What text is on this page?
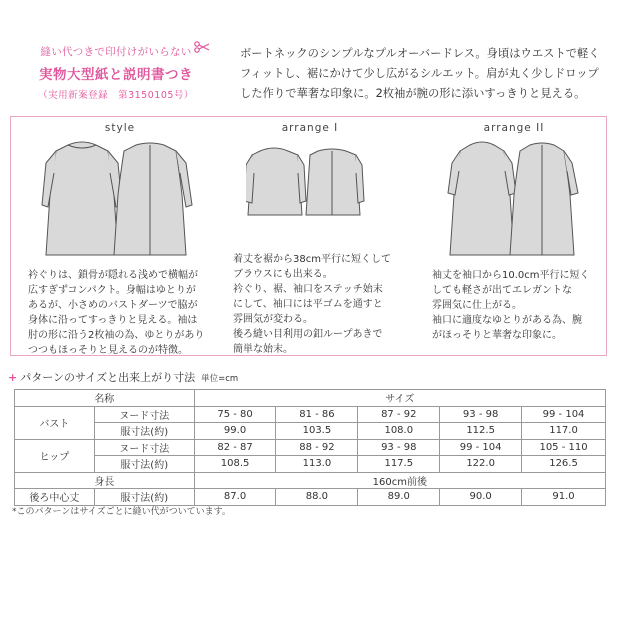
縫い代つきで印付けがいらない
実物大型紙と説明書つき
（実用新案登録　第3150105号）
ボートネックのシンプルなプルオーバードレス。身頃はウエストで軽く
フィットし、裾にかけて少し広がるシルエット。肩が丸く少しドロップ
した作りで華奢な印象に。2枚袖が腕の形に添いすっきりと見える。
style	arrange I	arrange II
衿ぐりは、鎖骨が隠れる浅めで横幅が
広すぎずコンパクト。身幅はゆとりが
あるが、小さめのバストダーツで脇が
身体に沿ってすっきりと見える。袖は
肘の形に沿う2枚袖の為、ゆとりがあり
つつもほっそりと見えるのが特徴。
着丈を裾から38cm平行に短くして
ブラウスにも出来る。
衿ぐり、裾、袖口をステッチ始末
にして、袖口には平ゴムを通すと
雰囲気が変わる。
後ろ縫い目利用の釦ループあきで
簡単な始末。
袖丈を袖口から10.0cm平行に短く
しても軽さが出てエレガントな
雰囲気に仕上がる。
袖口に適度なゆとりがある為、腕
がほっそりと華奢な印象に。
+ パターンのサイズと出来上がり寸法 単位=cm
名称		サイズ				
バスト	ヌード寸法	75 - 80	81 - 86	87 - 92	93 - 98	99 - 104
	服寸法(約)	99.0	103.5	108.0	112.5	117.0
ヒップ	ヌード寸法	82 - 87	88 - 92	93 - 98	99 - 104	105 - 110
	服寸法(約)	108.5	113.0	117.5	122.0	126.5
身長		160cm前後				
後ろ中心丈	服寸法(約)	87.0	88.0	89.0	90.0	91.0
*このパターンはサイズごとに縫い代がついています。
